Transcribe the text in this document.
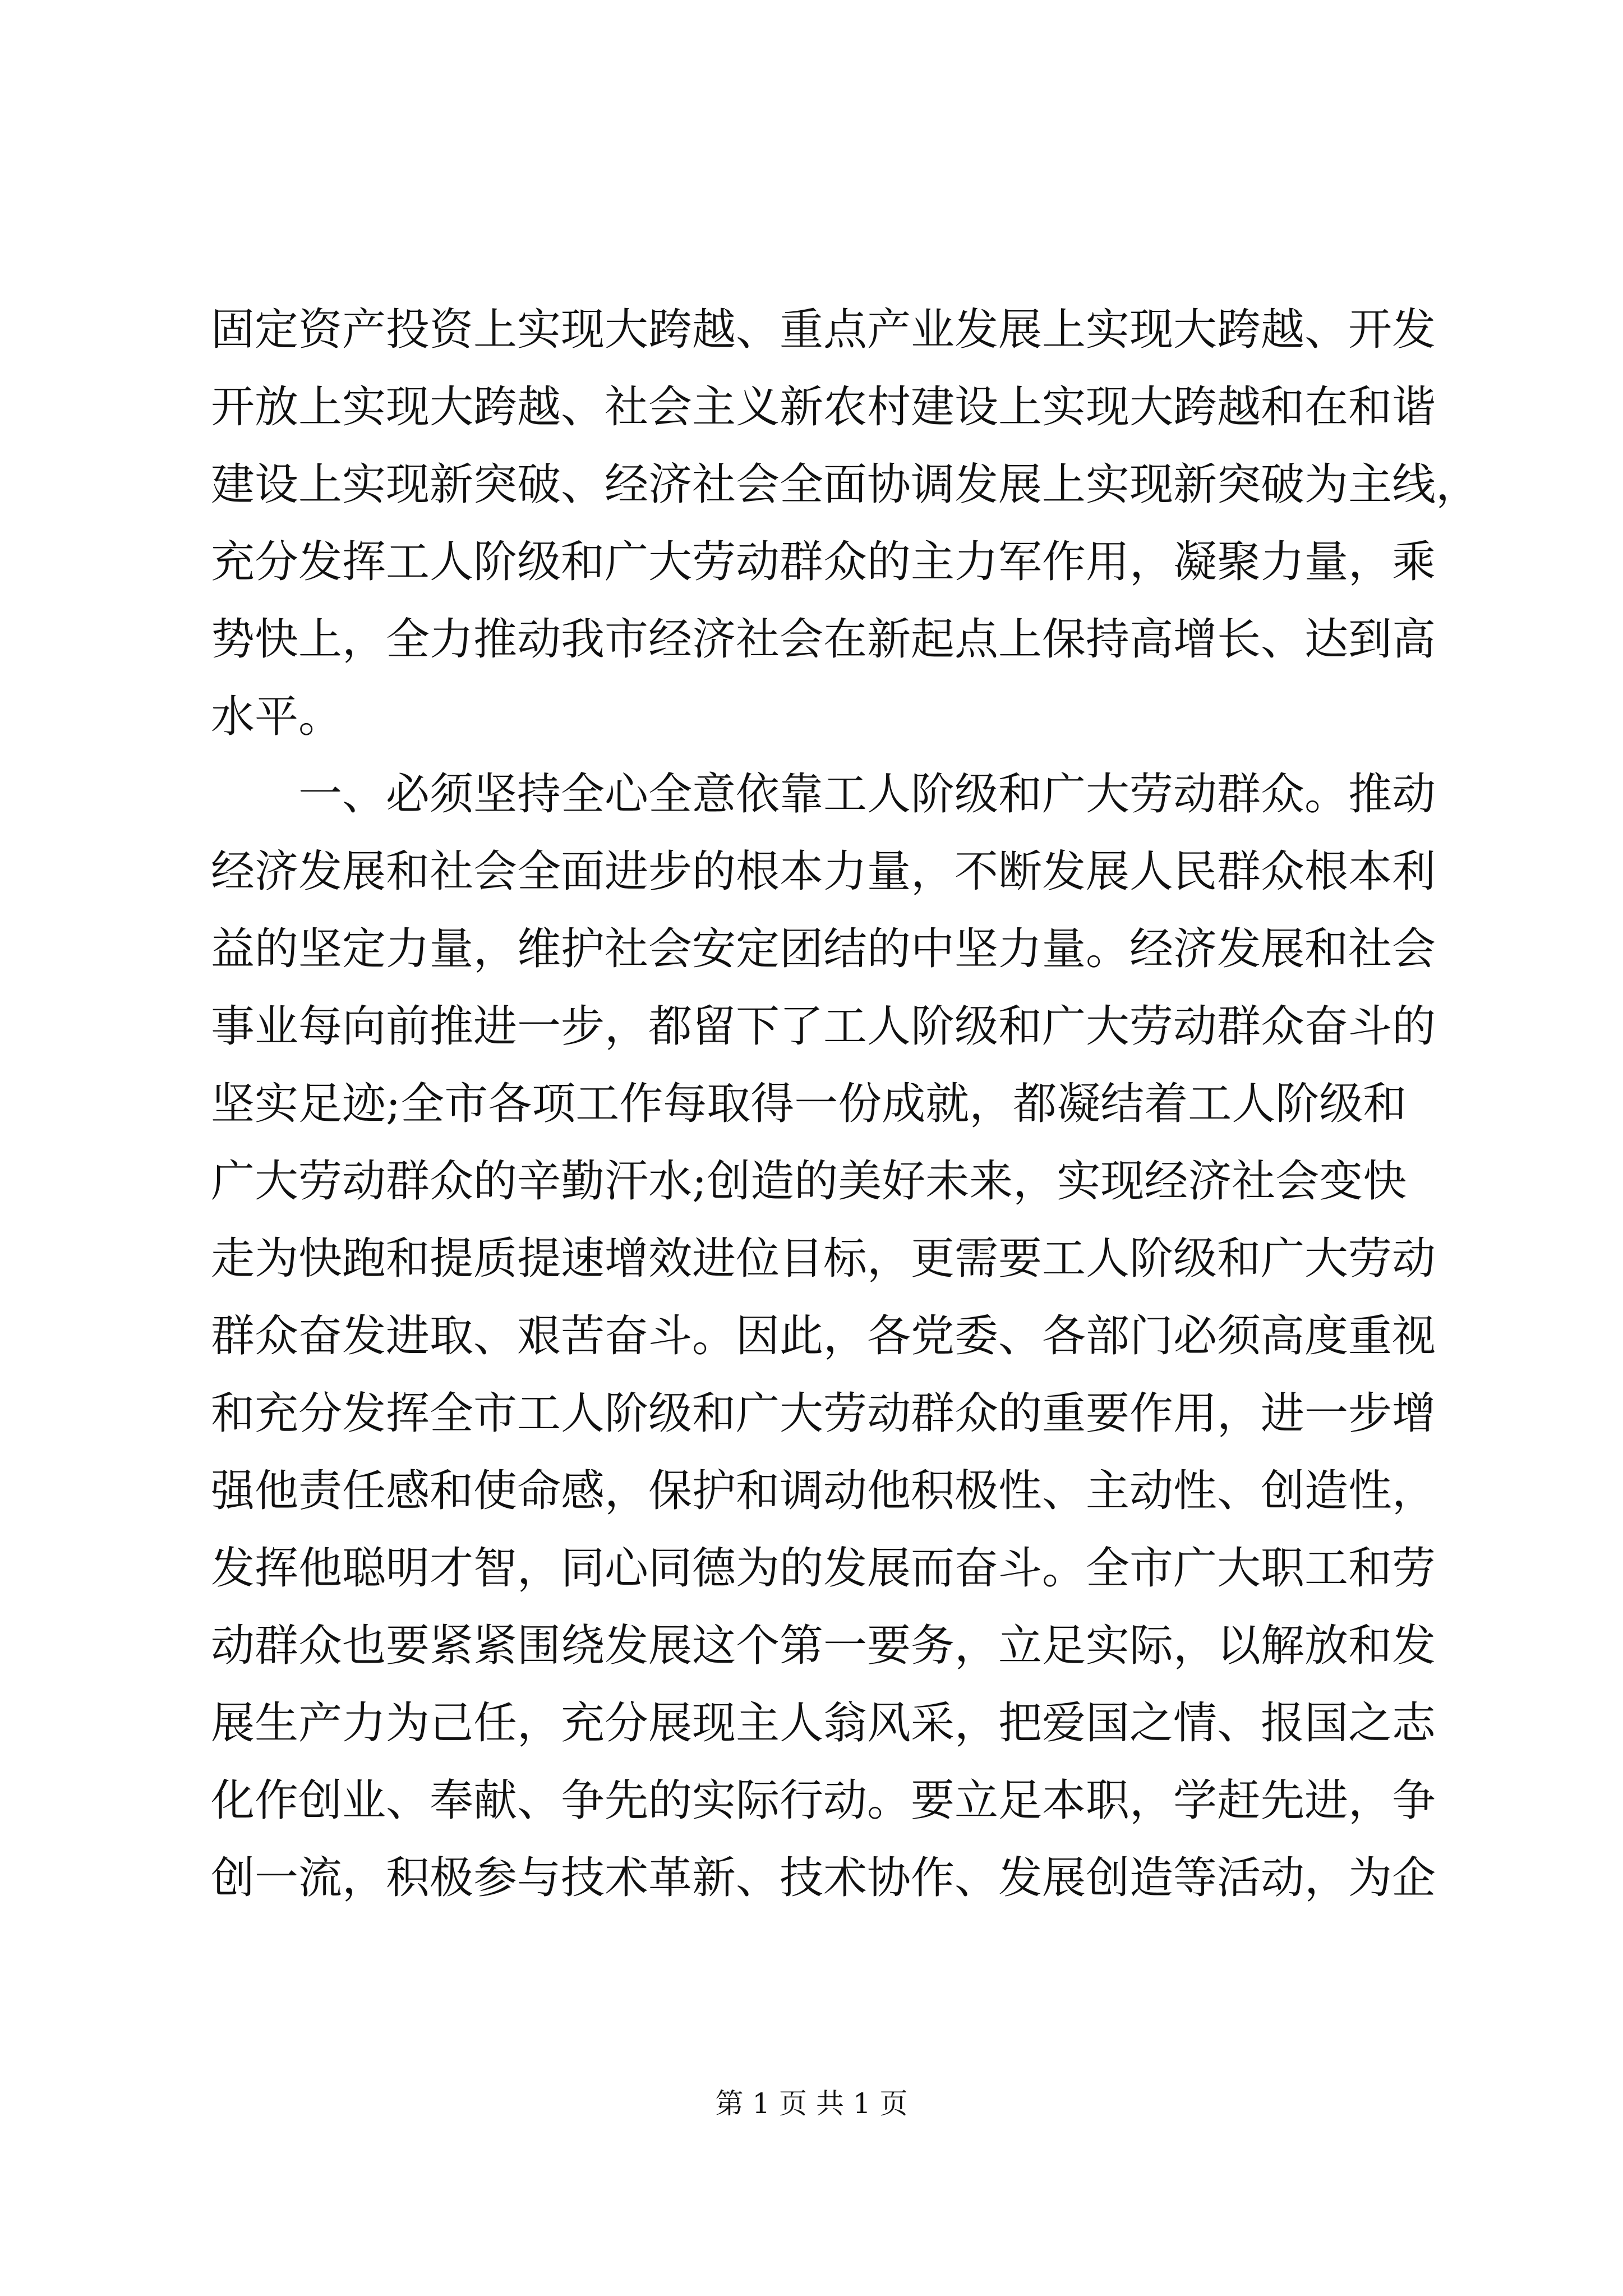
固定资产投资上实现大跨越、重点产业发展上实现大跨越、开发
开放上实现大跨越、社会主义新农村建设上实现大跨越和在和谐
建设上实现新突破、经济社会全面协调发展上实现新突破为主线，
充分发挥工人阶级和广大劳动群众的主力军作用，凝聚力量，乘
势快上，全力推动我市经济社会在新起点上保持高增长、达到高
水平。
一、必须坚持全心全意依靠工人阶级和广大劳动群众。推动
经济发展和社会全面进步的根本力量，不断发展人民群众根本利
益的坚定力量，维护社会安定团结的中坚力量。经济发展和社会
事业每向前推进一步，都留下了工人阶级和广大劳动群众奋斗的
坚实足迹;全市各项工作每取得一份成就，都凝结着工人阶级和
广大劳动群众的辛勤汗水;创造的美好未来，实现经济社会变快
走为快跑和提质提速增效进位目标，更需要工人阶级和广大劳动
群众奋发进取、艰苦奋斗。因此，各党委、各部门必须高度重视
和充分发挥全市工人阶级和广大劳动群众的重要作用，进一步增
强他责任感和使命感，保护和调动他积极性、主动性、创造性，
发挥他聪明才智，同心同德为的发展而奋斗。全市广大职工和劳
动群众也要紧紧围绕发展这个第一要务，立足实际，以解放和发
展生产力为己任，充分展现主人翁风采，把爱国之情、报国之志
化作创业、奉献、争先的实际行动。要立足本职，学赶先进，争
创一流，积极参与技术革新、技术协作、发展创造等活动，为企
第 1 页 共 1 页
